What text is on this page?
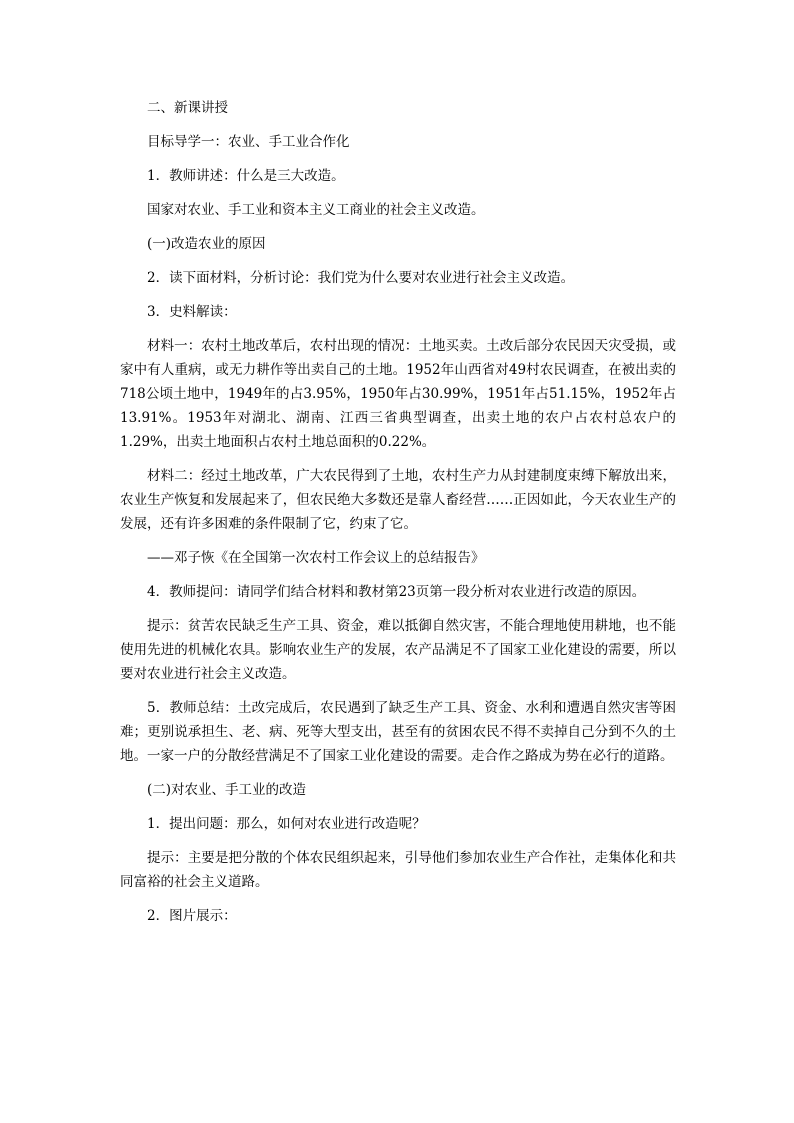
二、新课讲授

目标导学一：农业、手工业合作化

1．教师讲述：什么是三大改造。

国家对农业、手工业和资本主义工商业的社会主义改造。

(一)改造农业的原因

2．读下面材料，分析讨论：我们党为什么要对农业进行社会主义改造。

3．史料解读：

材料一：农村土地改革后，农村出现的情况：土地买卖。土改后部分农民因天灾受损，或家中有人重病，或无力耕作等出卖自己的土地。1952年山西省对49村农民调查，在被出卖的718公顷土地中，1949年的占3.95%，1950年占30.99%，1951年占51.15%，1952年占13.91%。1953年对湖北、湖南、江西三省典型调查，出卖土地的农户占农村总农户的1.29%，出卖土地面积占农村土地总面积的0.22%。

材料二：经过土地改革，广大农民得到了土地，农村生产力从封建制度束缚下解放出来，农业生产恢复和发展起来了，但农民绝大多数还是靠人畜经营……正因如此，今天农业生产的发展，还有许多困难的条件限制了它，约束了它。

——邓子恢《在全国第一次农村工作会议上的总结报告》

4．教师提问：请同学们结合材料和教材第23页第一段分析对农业进行改造的原因。

提示：贫苦农民缺乏生产工具、资金，难以抵御自然灾害，不能合理地使用耕地，也不能使用先进的机械化农具。影响农业生产的发展，农产品满足不了国家工业化建设的需要，所以要对农业进行社会主义改造。

5．教师总结：土改完成后，农民遇到了缺乏生产工具、资金、水利和遭遇自然灾害等困难；更别说承担生、老、病、死等大型支出，甚至有的贫困农民不得不卖掉自己分到不久的土地。一家一户的分散经营满足不了国家工业化建设的需要。走合作之路成为势在必行的道路。

(二)对农业、手工业的改造

1．提出问题：那么，如何对农业进行改造呢？

提示：主要是把分散的个体农民组织起来，引导他们参加农业生产合作社，走集体化和共同富裕的社会主义道路。

2．图片展示：
